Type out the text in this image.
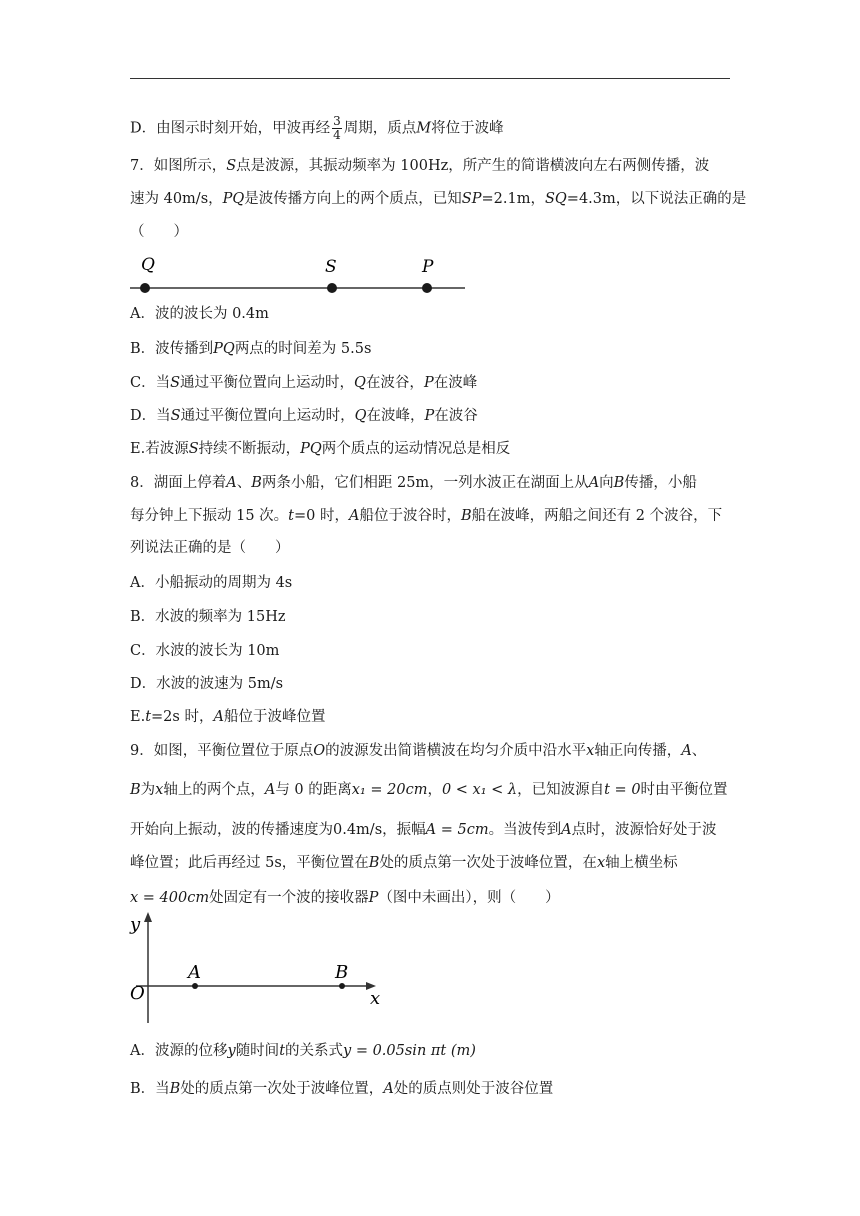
D．由图示时刻开始，甲波再经 $\frac{3}{4}$ 周期，质点M将位于波峰
7．如图所示，S点是波源，其振动频率为 100Hz，所产生的简谐横波向左右两侧传播，波
速为 40m/s，PQ是波传播方向上的两个质点，已知SP=2.1m，SQ=4.3m，以下说法正确的是
（　　）
Q	S	P
A．波的波长为 0.4m
B．波传播到PQ两点的时间差为 5.5s
C．当S通过平衡位置向上运动时，Q在波谷，P在波峰
D．当S通过平衡位置向上运动时，Q在波峰，P在波谷
E.若波源S持续不断振动，PQ两个质点的运动情况总是相反
8．湖面上停着A、B两条小船，它们相距 25m，一列水波正在湖面上从A向B传播，小船
每分钟上下振动 15 次。t=0 时，A船位于波谷时，B船在波峰，两船之间还有 2 个波谷，下
列说法正确的是（　　）
A．小船振动的周期为 4s
B．水波的频率为 15Hz
C．水波的波长为 10m
D．水波的波速为 5m/s
E.t=2s 时，A船位于波峰位置
9．如图，平衡位置位于原点O的波源发出简谐横波在均匀介质中沿水平x轴正向传播，A、
B为x轴上的两个点，A与 0 的距离x₁ = 20cm，0 < x₁ < λ，已知波源自t = 0时由平衡位置
开始向上振动，波的传播速度为0.4m/s，振幅A = 5cm。当波传到A点时，波源恰好处于波
峰位置；此后再经过 5s，平衡位置在B处的质点第一次处于波峰位置，在x轴上横坐标
x = 400cm处固定有一个波的接收器P（图中未画出），则（　　）
y
O
A	B
x
A．波源的位移y随时间t的关系式y = 0.05sin πt (m)
B．当B处的质点第一次处于波峰位置，A处的质点则处于波谷位置
